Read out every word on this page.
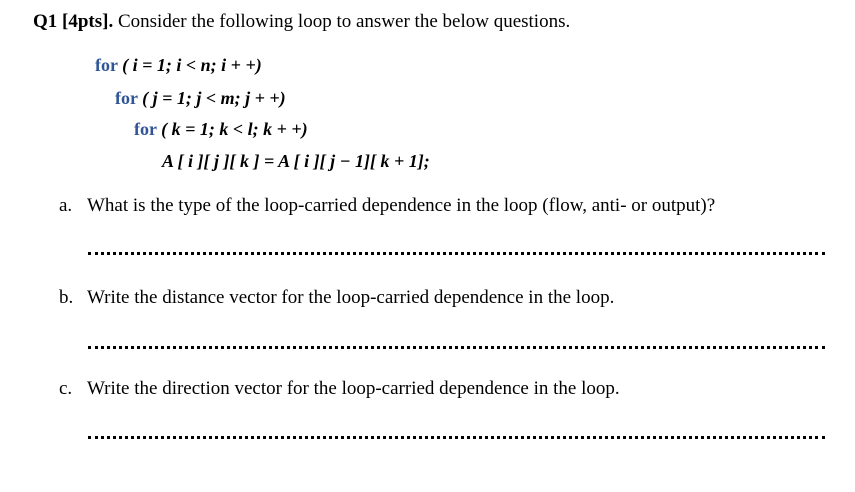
Q1 [4pts]. Consider the following loop to answer the below questions.
for ( i = 1; i < n; i + +)
for ( j = 1; j < m; j + +)
for ( k = 1; k < l; k + +)
A [ i ][ j ][ k ] = A [ i ][ j − 1][ k + 1];
a. What is the type of the loop-carried dependence in the loop (flow, anti- or output)?
b. Write the distance vector for the loop-carried dependence in the loop.
c. Write the direction vector for the loop-carried dependence in the loop.
